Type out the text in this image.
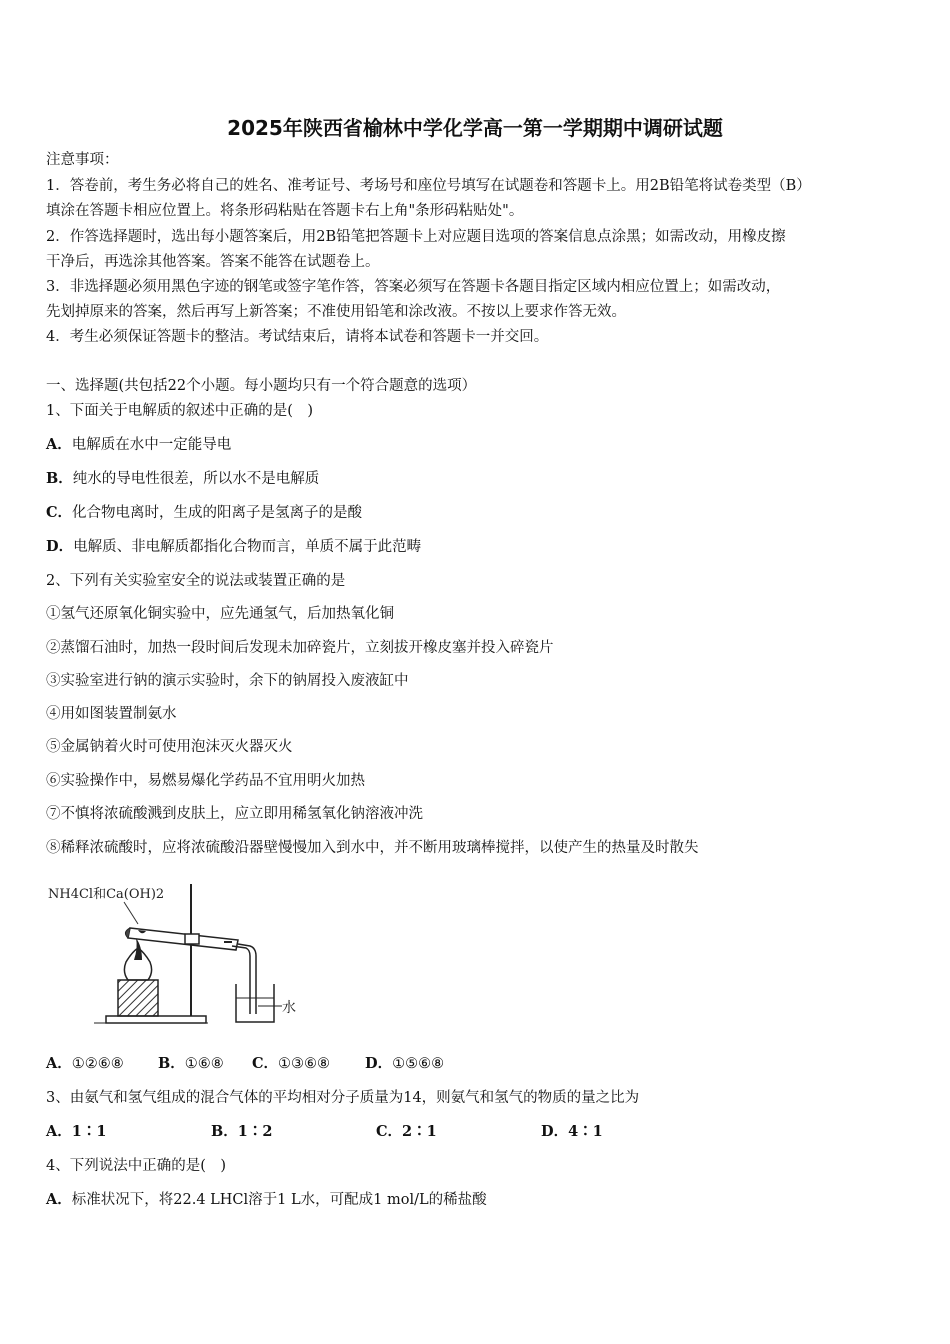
2025年陕西省榆林中学化学高一第一学期期中调研试题
注意事项：
1．答卷前，考生务必将自己的姓名、准考证号、考场号和座位号填写在试题卷和答题卡上。用2B铅笔将试卷类型（B）
填涂在答题卡相应位置上。将条形码粘贴在答题卡右上角"条形码粘贴处"。
2．作答选择题时，选出每小题答案后，用2B铅笔把答题卡上对应题目选项的答案信息点涂黑；如需改动，用橡皮擦
干净后，再选涂其他答案。答案不能答在试题卷上。
3．非选择题必须用黑色字迹的钢笔或签字笔作答，答案必须写在答题卡各题目指定区域内相应位置上；如需改动，
先划掉原来的答案，然后再写上新答案；不准使用铅笔和涂改液。不按以上要求作答无效。
4．考生必须保证答题卡的整洁。考试结束后，请将本试卷和答题卡一并交回。
一、选择题(共包括22个小题。每小题均只有一个符合题意的选项）
1、下面关于电解质的叙述中正确的是(　)
A．电解质在水中一定能导电
B．纯水的导电性很差，所以水不是电解质
C．化合物电离时，生成的阳离子是氢离子的是酸
D．电解质、非电解质都指化合物而言，单质不属于此范畴
2、下列有关实验室安全的说法或装置正确的是
①氢气还原氧化铜实验中，应先通氢气，后加热氧化铜
②蒸馏石油时，加热一段时间后发现未加碎瓷片，立刻拔开橡皮塞并投入碎瓷片
③实验室进行钠的演示实验时，余下的钠屑投入废液缸中
④用如图装置制氨水
⑤金属钠着火时可使用泡沫灭火器灭火
⑥实验操作中，易燃易爆化学药品不宜用明火加热
⑦不慎将浓硫酸溅到皮肤上，应立即用稀氢氧化钠溶液冲洗
⑧稀释浓硫酸时，应将浓硫酸沿器壁慢慢加入到水中，并不断用玻璃棒搅拌，以使产生的热量及时散失
NH4Cl和Ca(OH)2
水
A．①②⑥⑧ B．①⑥⑧ C．①③⑥⑧ D．①⑤⑥⑧
3、由氨气和氢气组成的混合气体的平均相对分子质量为14，则氨气和氢气的物质的量之比为
A．1∶1	B．1∶2	C．2∶1	D．4∶1
4、下列说法中正确的是(　)
A．标准状况下，将22.4 LHCl溶于1 L水，可配成1 mol/L的稀盐酸
